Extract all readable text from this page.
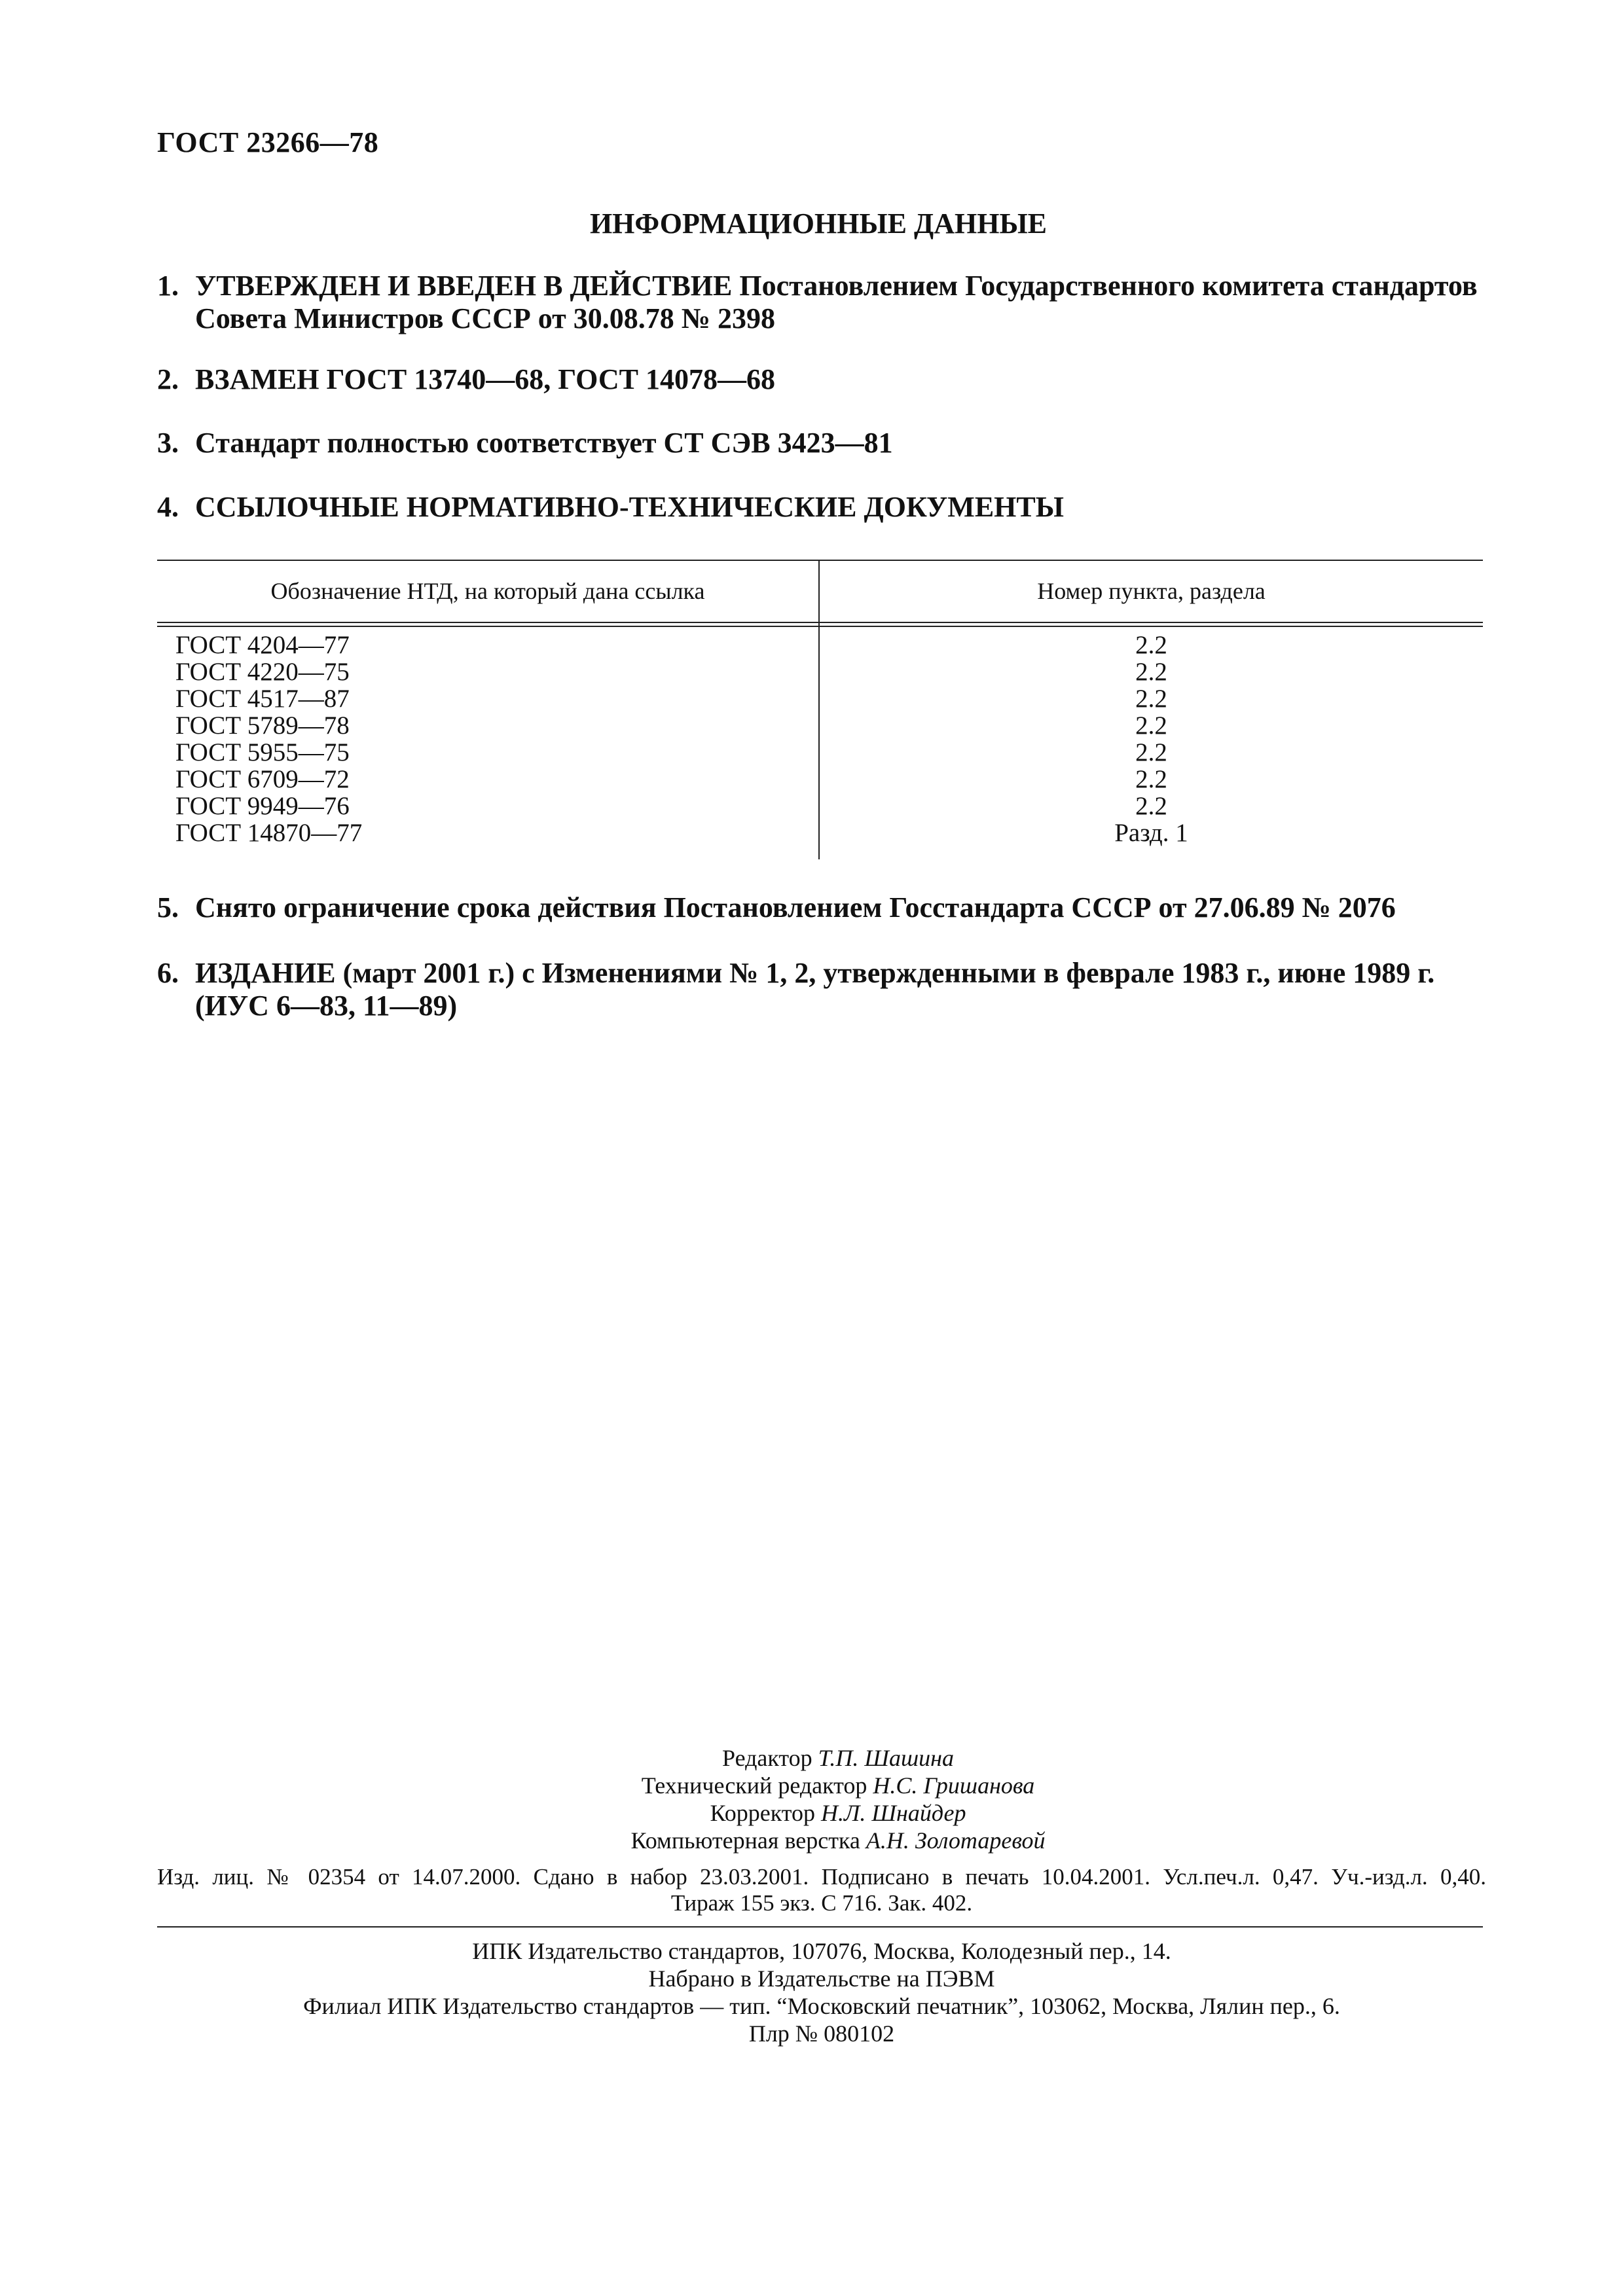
ГОСТ 23266—78
ИНФОРМАЦИОННЫЕ ДАННЫЕ
1. УТВЕРЖДЕН И ВВЕДЕН В ДЕЙСТВИЕ Постановлением Государственного комитета стандартов Совета Министров СССР от 30.08.78 № 2398
2. ВЗАМЕН ГОСТ 13740—68, ГОСТ 14078—68
3. Стандарт полностью соответствует СТ СЭВ 3423—81
4. ССЫЛОЧНЫЕ НОРМАТИВНО-ТЕХНИЧЕСКИЕ ДОКУМЕНТЫ
Обозначение НТД, на который дана ссылка	Номер пункта, раздела
ГОСТ 4204—77
ГОСТ 4220—75
ГОСТ 4517—87
ГОСТ 5789—78
ГОСТ 5955—75
ГОСТ 6709—72
ГОСТ 9949—76
ГОСТ 14870—77
2.2
2.2
2.2
2.2
2.2
2.2
2.2
Разд. 1
5. Снято ограничение срока действия Постановлением Госстандарта СССР от 27.06.89 № 2076
6. ИЗДАНИЕ (март 2001 г.) с Изменениями № 1, 2, утвержденными в феврале 1983 г., июне 1989 г. (ИУС 6—83, 11—89)
Редактор Т.П. Шашина
Технический редактор Н.С. Гришанова
Корректор Н.Л. Шнайдер
Компьютерная верстка А.Н. Золотаревой
Изд. лиц. № 02354 от 14.07.2000. Сдано в набор 23.03.2001. Подписано в печать 10.04.2001. Усл.печ.л. 0,47. Уч.-изд.л. 0,40.
Тираж 155 экз. С 716. Зак. 402.
ИПК Издательство стандартов, 107076, Москва, Колодезный пер., 14.
Набрано в Издательстве на ПЭВМ
Филиал ИПК Издательство стандартов — тип. “Московский печатник”, 103062, Москва, Лялин пер., 6.
Плр № 080102
